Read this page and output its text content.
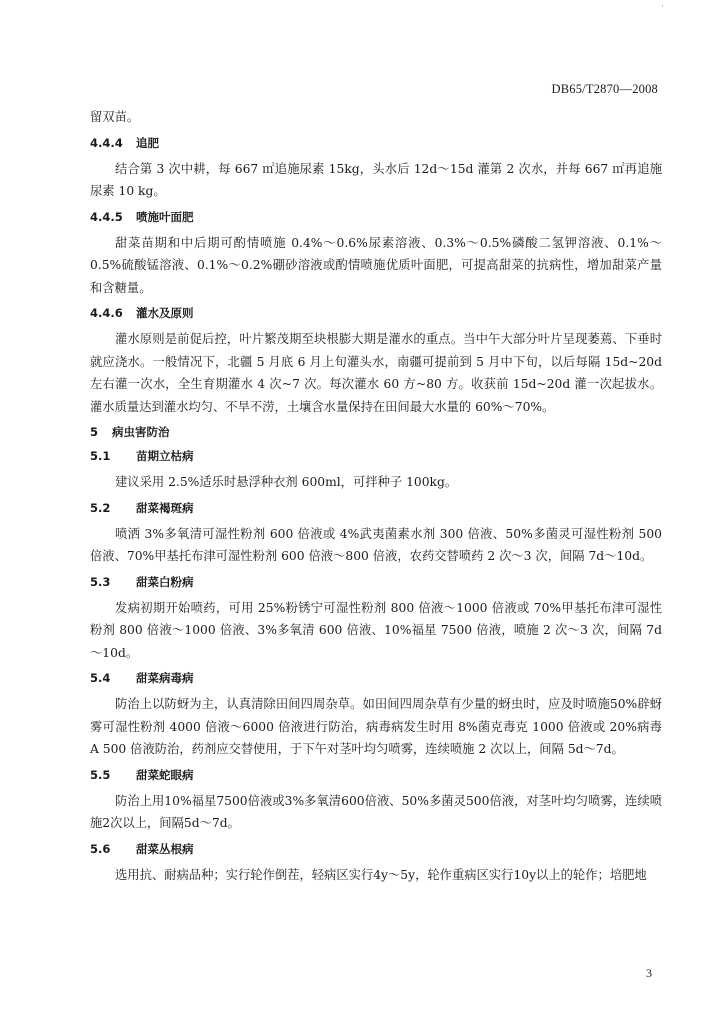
·
DB65/T2870—2008

留双苗。

4.4.4 追肥

结合第 3 次中耕，每 667 ㎡追施尿素 15kg，头水后 12d～15d 灌第 2 次水，并每 667 ㎡再追施尿素 10 kg。

4.4.5 喷施叶面肥

甜菜苗期和中后期可酌情喷施 0.4%～0.6%尿素溶液、0.3%～0.5%磷酸二氢钾溶液、0.1%～0.5%硫酸锰溶液、0.1%～0.2%硼砂溶液或酌情喷施优质叶面肥，可提高甜菜的抗病性，增加甜菜产量和含糖量。

4.4.6 灌水及原则

灌水原则是前促后控，叶片繁茂期至块根膨大期是灌水的重点。当中午大部分叶片呈现萎蔫、下垂时就应浇水。一般情况下，北疆 5 月底 6 月上旬灌头水，南疆可提前到 5 月中下旬，以后每隔 15d~20d 左右灌一次水，全生育期灌水 4 次~7 次。每次灌水 60 方~80 方。收获前 15d~20d 灌一次起拔水。灌水质量达到灌水均匀、不旱不涝，土壤含水量保持在田间最大水量的 60%～70%。

5 病虫害防治
5.1 苗期立枯病

建议采用 2.5%适乐时悬浮种衣剂 600ml，可拌种子 100kg。

5.2 甜菜褐斑病

喷洒 3%多氧清可湿性粉剂 600 倍液或 4%武夷菌素水剂 300 倍液、50%多菌灵可湿性粉剂 500 倍液、70%甲基托布津可湿性粉剂 600 倍液～800 倍液，农药交替喷药 2 次～3 次，间隔 7d～10d。

5.3 甜菜白粉病

发病初期开始喷药，可用 25%粉锈宁可湿性粉剂 800 倍液～1000 倍液或 70%甲基托布津可湿性粉剂 800 倍液～1000 倍液、3%多氧清 600 倍液、10%福星 7500 倍液，喷施 2 次～3 次，间隔 7d～10d。

5.4 甜菜病毒病

防治上以防蚜为主，认真清除田间四周杂草。如田间四周杂草有少量的蚜虫时，应及时喷施50%辟蚜雾可湿性粉剂 4000 倍液～6000 倍液进行防治，病毒病发生时用 8%菌克毒克 1000 倍液或 20%病毒 A 500 倍液防治，药剂应交替使用，于下午对茎叶均匀喷雾，连续喷施 2 次以上，间隔 5d～7d。

5.5 甜菜蛇眼病

防治上用10%福星7500倍液或3%多氧清600倍液、50%多菌灵500倍液，对茎叶均匀喷雾，连续喷施2次以上，间隔5d～7d。

5.6 甜菜丛根病

选用抗、耐病品种；实行轮作倒茬，轻病区实行4y～5y，轮作重病区实行10y以上的轮作；培肥地

3
